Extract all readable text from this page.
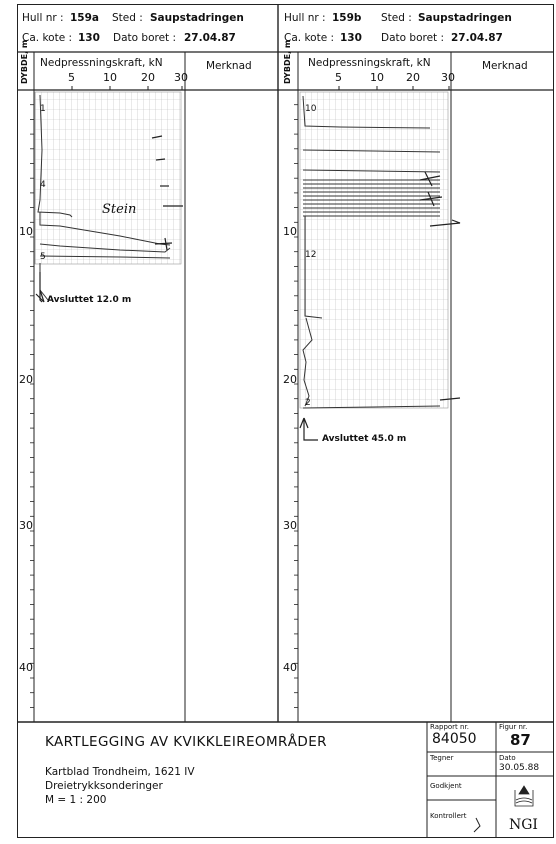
Hull nr : 159a Sted : Saupstadringen
Ca. kote : 130 Dato boret : 27.04.87
DYBDE, m Nedpressningskraft, kN
5	10 20 30
Merknad
10
20
30
40
1
4
5
Stein
Avsluttet 12.0 m
Hull nr : 159b Sted : Saupstadringen
Ca. kote : 130 Dato boret : 27.04.87
DYBDE, m Nedpressningskraft, kN
5	10 20 30
Merknad
10
20
30
40
10
12
2
Avsluttet 45.0 m
KARTLEGGING AV KVIKKLEIREOMRÅDER
Kartblad Trondheim, 1621 IV
Dreietrykksonderinger
M = 1 : 200
Rapport nr.
84050
Figur nr.
87
Tegner	Dato
30.05.88
Godkjent
Kontrollert
NGI
